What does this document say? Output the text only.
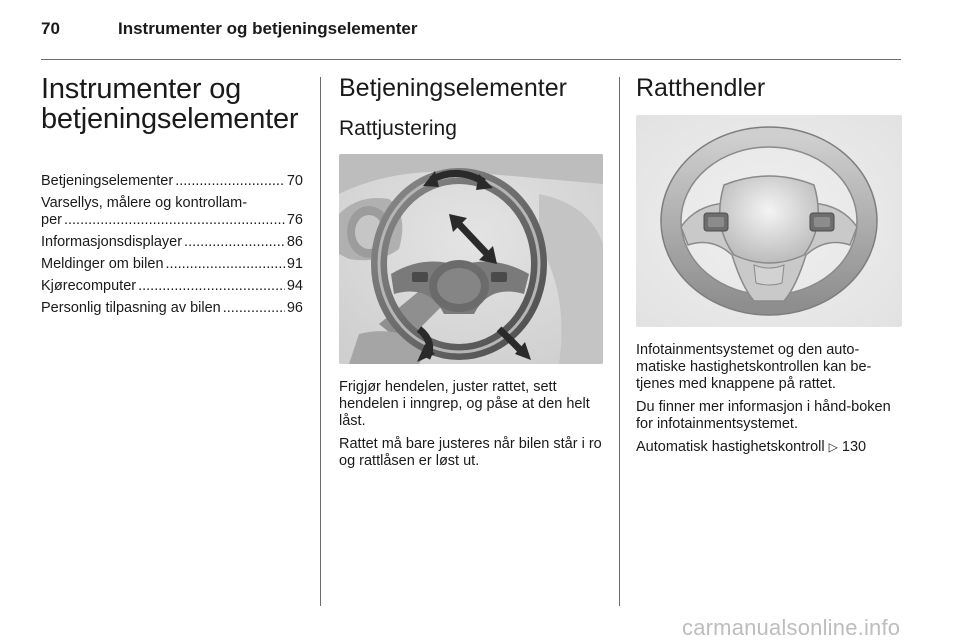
70	Instrumenter og betjeningselementer
Instrumenter og
betjeningselementer
Betjeningselementer .....	70
Varsellys, målere og kontrollam-
per .....	76
Informasjonsdisplayer .....	86
Meldinger om bilen .....	91
Kjørecomputer .....	94
Personlig tilpasning av bilen .....	96
Betjeningselementer
Rattjustering

Frigjør hendelen, juster rattet, sett hendelen i inngrep, og påse at den helt låst.

Rattet må bare justeres når bilen står i ro og rattlåsen er løst ut.

Ratthendler

Infotainmentsystemet og den auto-matiske hastighetskontrollen kan be-tjenes med knappene på rattet.

Du finner mer informasjon i hånd-boken for infotainmentsystemet.

Automatisk hastighetskontroll ▷ 130

carmanualsonline.info
